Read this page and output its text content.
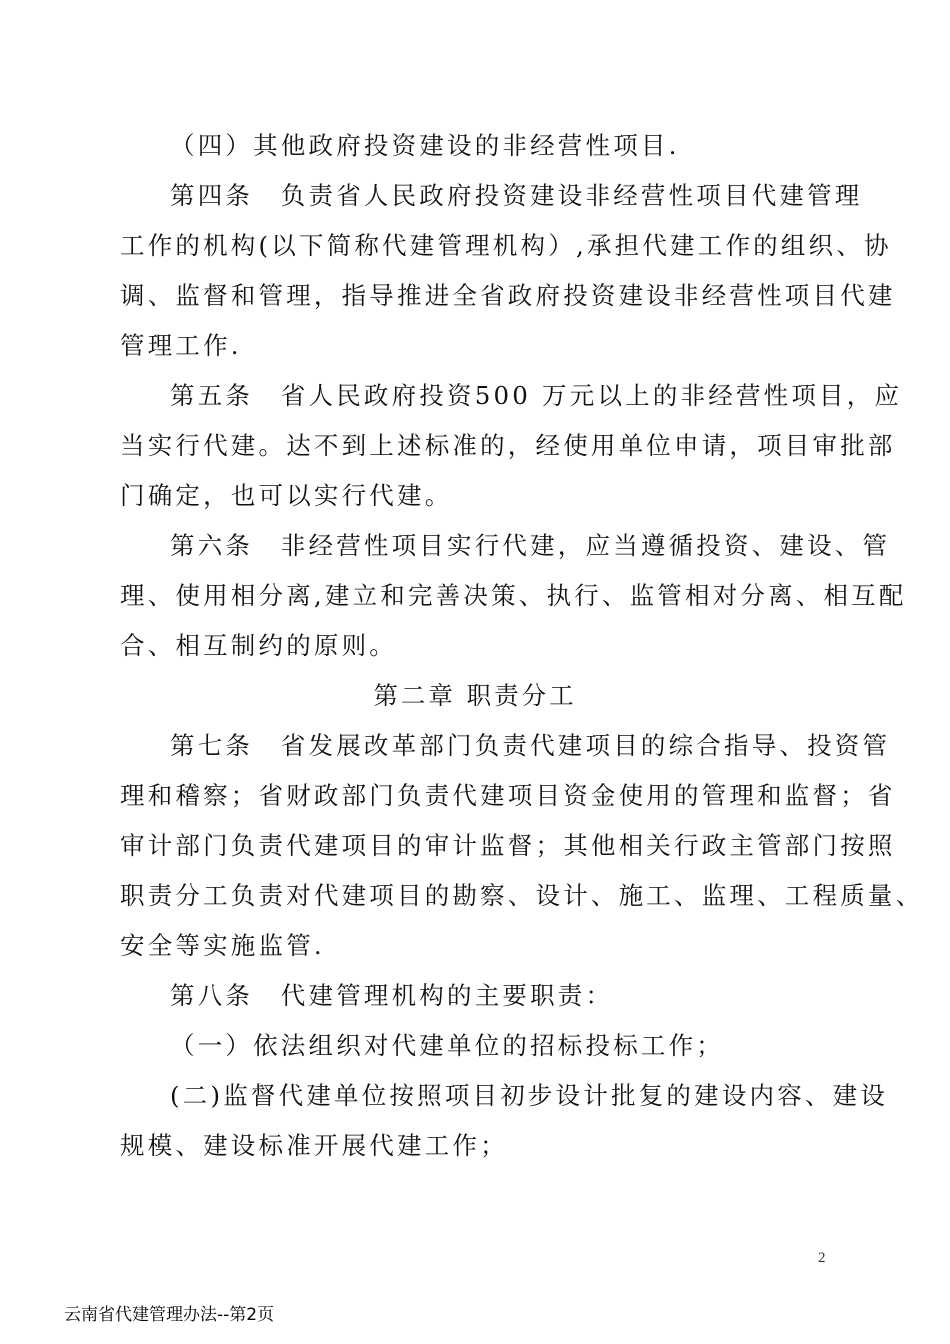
（四）其他政府投资建设的非经营性项目.
第四条　负责省人民政府投资建设非经营性项目代建管理
工作的机构(以下简称代建管理机构）,承担代建工作的组织、协
调、监督和管理，指导推进全省政府投资建设非经营性项目代建
管理工作.
第五条　省人民政府投资500 万元以上的非经营性项目，应
当实行代建。达不到上述标准的，经使用单位申请，项目审批部
门确定，也可以实行代建。
第六条　非经营性项目实行代建，应当遵循投资、建设、管
理、使用相分离,建立和完善决策、执行、监管相对分离、相互配
合、相互制约的原则。
第二章 职责分工
第七条　省发展改革部门负责代建项目的综合指导、投资管
理和稽察；省财政部门负责代建项目资金使用的管理和监督；省
审计部门负责代建项目的审计监督；其他相关行政主管部门按照
职责分工负责对代建项目的勘察、设计、施工、监理、工程质量、
安全等实施监管.
第八条　代建管理机构的主要职责：
（一）依法组织对代建单位的招标投标工作；
(二)监督代建单位按照项目初步设计批复的建设内容、建设
规模、建设标准开展代建工作；
2
云南省代建管理办法--第2页
